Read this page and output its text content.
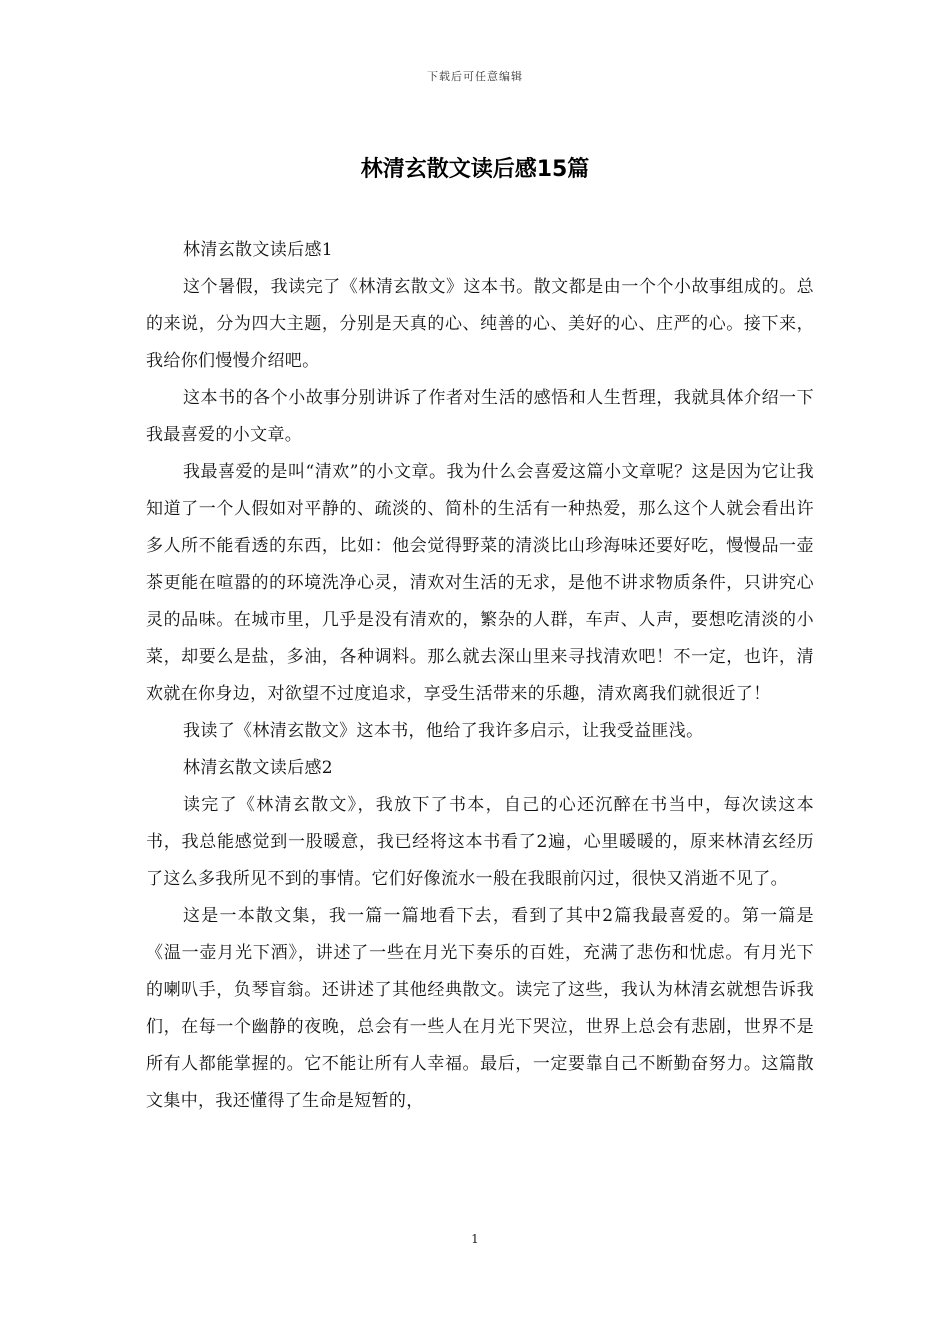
下载后可任意编辑
林清玄散文读后感15篇

林清玄散文读后感1

这个暑假，我读完了《林清玄散文》这本书。散文都是由一个个小故事组成的。总的来说，分为四大主题，分别是天真的心、纯善的心、美好的心、庄严的心。接下来，我给你们慢慢介绍吧。

这本书的各个小故事分别讲诉了作者对生活的感悟和人生哲理，我就具体介绍一下我最喜爱的小文章。

我最喜爱的是叫“清欢”的小文章。我为什么会喜爱这篇小文章呢？这是因为它让我知道了一个人假如对平静的、疏淡的、简朴的生活有一种热爱，那么这个人就会看出许多人所不能看透的东西，比如：他会觉得野菜的清淡比山珍海味还要好吃，慢慢品一壶茶更能在喧嚣的的环境洗净心灵，清欢对生活的无求，是他不讲求物质条件，只讲究心灵的品味。在城市里，几乎是没有清欢的，繁杂的人群，车声、人声，要想吃清淡的小菜，却要么是盐，多油，各种调料。那么就去深山里来寻找清欢吧！不一定，也许，清欢就在你身边，对欲望不过度追求，享受生活带来的乐趣，清欢离我们就很近了！

我读了《林清玄散文》这本书，他给了我许多启示，让我受益匪浅。

林清玄散文读后感2

读完了《林清玄散文》，我放下了书本，自己的心还沉醉在书当中，每次读这本书，我总能感觉到一股暖意，我已经将这本书看了2遍，心里暖暖的，原来林清玄经历了这么多我所见不到的事情。它们好像流水一般在我眼前闪过，很快又消逝不见了。

这是一本散文集，我一篇一篇地看下去，看到了其中2篇我最喜爱的。第一篇是《温一壶月光下酒》，讲述了一些在月光下奏乐的百姓，充满了悲伤和忧虑。有月光下的喇叭手，负琴盲翁。还讲述了其他经典散文。读完了这些，我认为林清玄就想告诉我们，在每一个幽静的夜晚，总会有一些人在月光下哭泣，世界上总会有悲剧，世界不是所有人都能掌握的。它不能让所有人幸福。最后，一定要靠自己不断勤奋努力。这篇散文集中，我还懂得了生命是短暂的，

1
